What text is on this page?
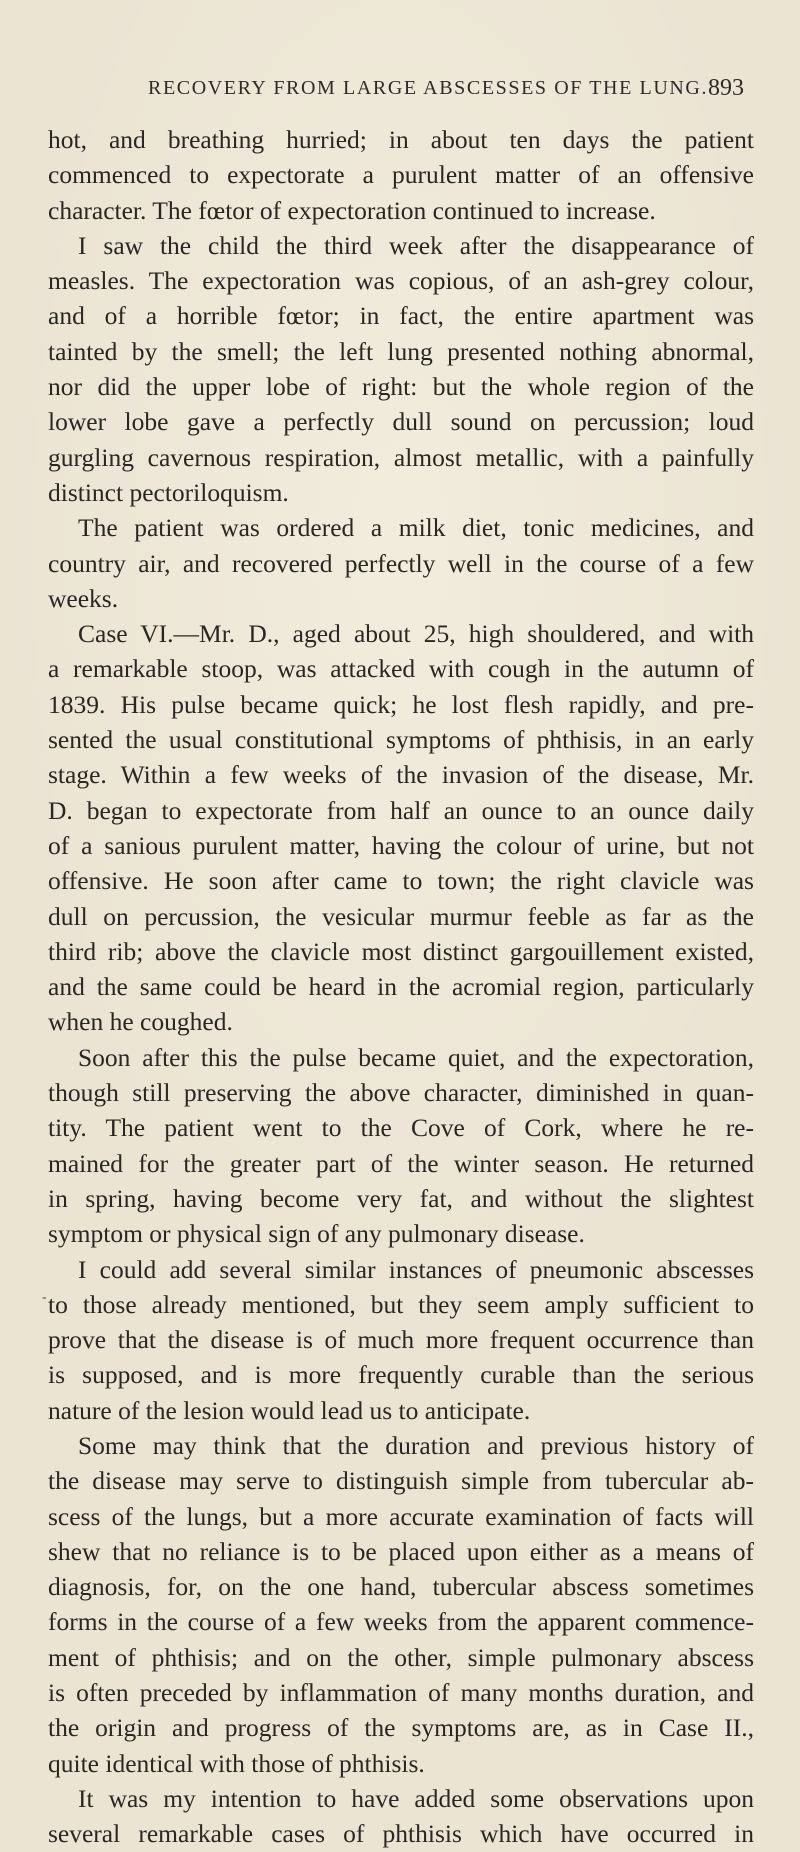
RECOVERY FROM LARGE ABSCESSES OF THE LUNG. 893
hot, and breathing hurried; in about ten days the patient
commenced to expectorate a purulent matter of an offensive
character. The fœtor of expectoration continued to increase.
I saw the child the third week after the disappearance of
measles. The expectoration was copious, of an ash-grey colour,
and of a horrible fœtor; in fact, the entire apartment was
tainted by the smell; the left lung presented nothing abnormal,
nor did the upper lobe of right: but the whole region of the
lower lobe gave a perfectly dull sound on percussion; loud
gurgling cavernous respiration, almost metallic, with a painfully
distinct pectoriloquism.
The patient was ordered a milk diet, tonic medicines, and
country air, and recovered perfectly well in the course of a few
weeks.
Case VI.—Mr. D., aged about 25, high shouldered, and with
a remarkable stoop, was attacked with cough in the autumn of
1839. His pulse became quick; he lost flesh rapidly, and pre-
sented the usual constitutional symptoms of phthisis, in an early
stage. Within a few weeks of the invasion of the disease, Mr.
D. began to expectorate from half an ounce to an ounce daily
of a sanious purulent matter, having the colour of urine, but not
offensive. He soon after came to town; the right clavicle was
dull on percussion, the vesicular murmur feeble as far as the
third rib; above the clavicle most distinct gargouillement existed,
and the same could be heard in the acromial region, particularly
when he coughed.
Soon after this the pulse became quiet, and the expectoration,
though still preserving the above character, diminished in quan-
tity. The patient went to the Cove of Cork, where he re-
mained for the greater part of the winter season. He returned
in spring, having become very fat, and without the slightest
symptom or physical sign of any pulmonary disease.
I could add several similar instances of pneumonic abscesses
to those already mentioned, but they seem amply sufficient to
prove that the disease is of much more frequent occurrence than
is supposed, and is more frequently curable than the serious
nature of the lesion would lead us to anticipate.
Some may think that the duration and previous history of
the disease may serve to distinguish simple from tubercular ab-
scess of the lungs, but a more accurate examination of facts will
shew that no reliance is to be placed upon either as a means of
diagnosis, for, on the one hand, tubercular abscess sometimes
forms in the course of a few weeks from the apparent commence-
ment of phthisis; and on the other, simple pulmonary abscess
is often preceded by inflammation of many months duration, and
the origin and progress of the symptoms are, as in Case II.,
quite identical with those of phthisis.
It was my intention to have added some observations upon
several remarkable cases of phthisis which have occurred in
-
